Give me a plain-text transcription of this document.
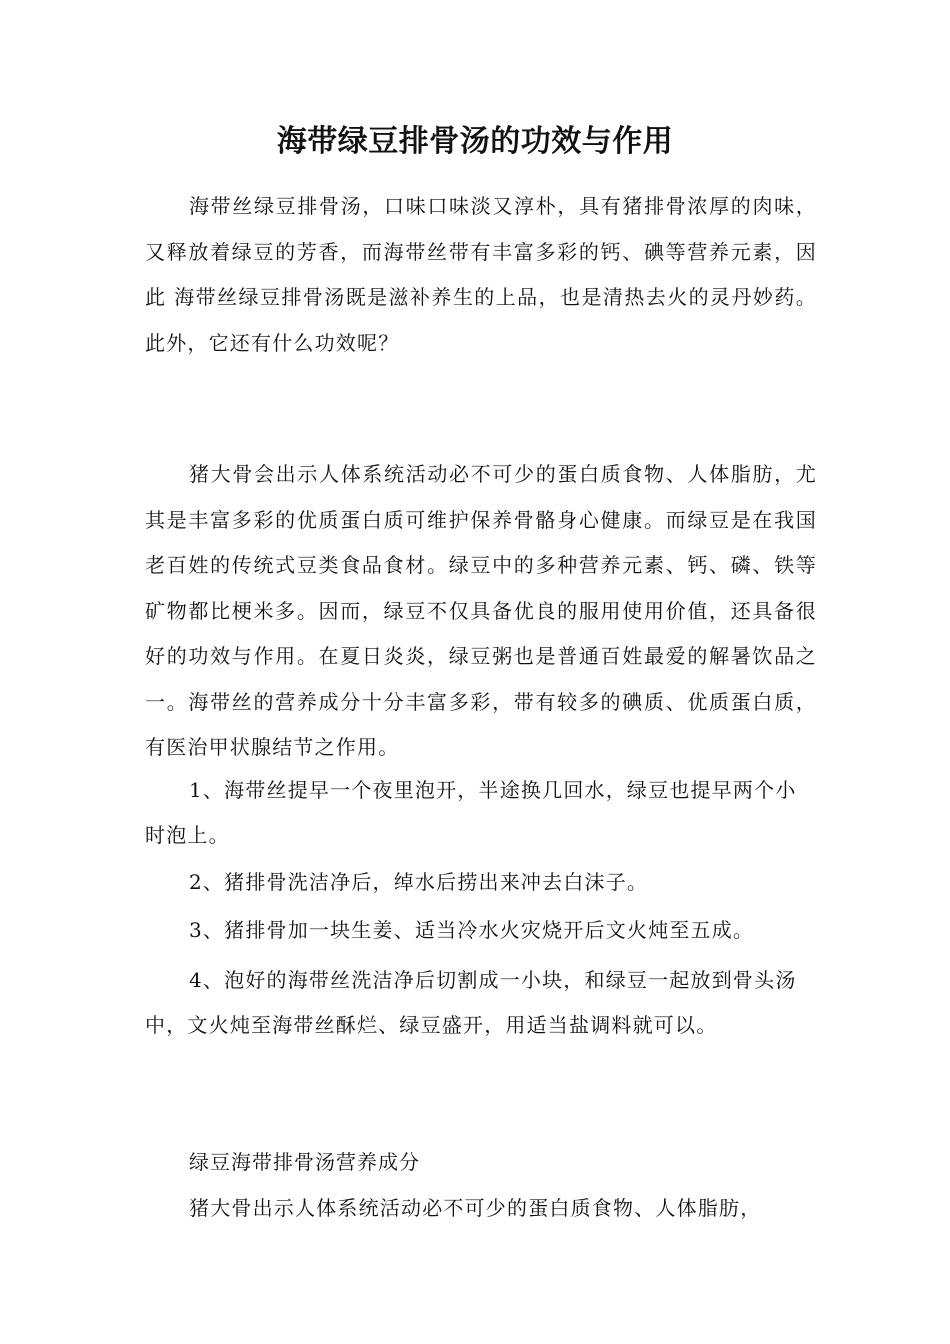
海带绿豆排骨汤的功效与作用

海带丝绿豆排骨汤，口味口味淡又淳朴，具有猪排骨浓厚的肉味，又释放着绿豆的芳香，而海带丝带有丰富多彩的钙、碘等营养元素，因此 海带丝绿豆排骨汤既是滋补养生的上品，也是清热去火的灵丹妙药。此外，它还有什么功效呢？

猪大骨会出示人体系统活动必不可少的蛋白质食物、人体脂肪，尤其是丰富多彩的优质蛋白质可维护保养骨骼身心健康。而绿豆是在我国老百姓的传统式豆类食品食材。绿豆中的多种营养元素、钙、磷、铁等矿物都比梗米多。因而，绿豆不仅具备优良的服用使用价值，还具备很好的功效与作用。在夏日炎炎，绿豆粥也是普通百姓最爱的解暑饮品之一。海带丝的营养成分十分丰富多彩，带有较多的碘质、优质蛋白质，有医治甲状腺结节之作用。

1、海带丝提早一个夜里泡开，半途换几回水，绿豆也提早两个小时泡上。

2、猪排骨洗洁净后，绰水后捞出来冲去白沫子。

3、猪排骨加一块生姜、适当冷水火灾烧开后文火炖至五成。

4、泡好的海带丝洗洁净后切割成一小块，和绿豆一起放到骨头汤中，文火炖至海带丝酥烂、绿豆盛开，用适当盐调料就可以。

绿豆海带排骨汤营养成分

猪大骨出示人体系统活动必不可少的蛋白质食物、人体脂肪，
